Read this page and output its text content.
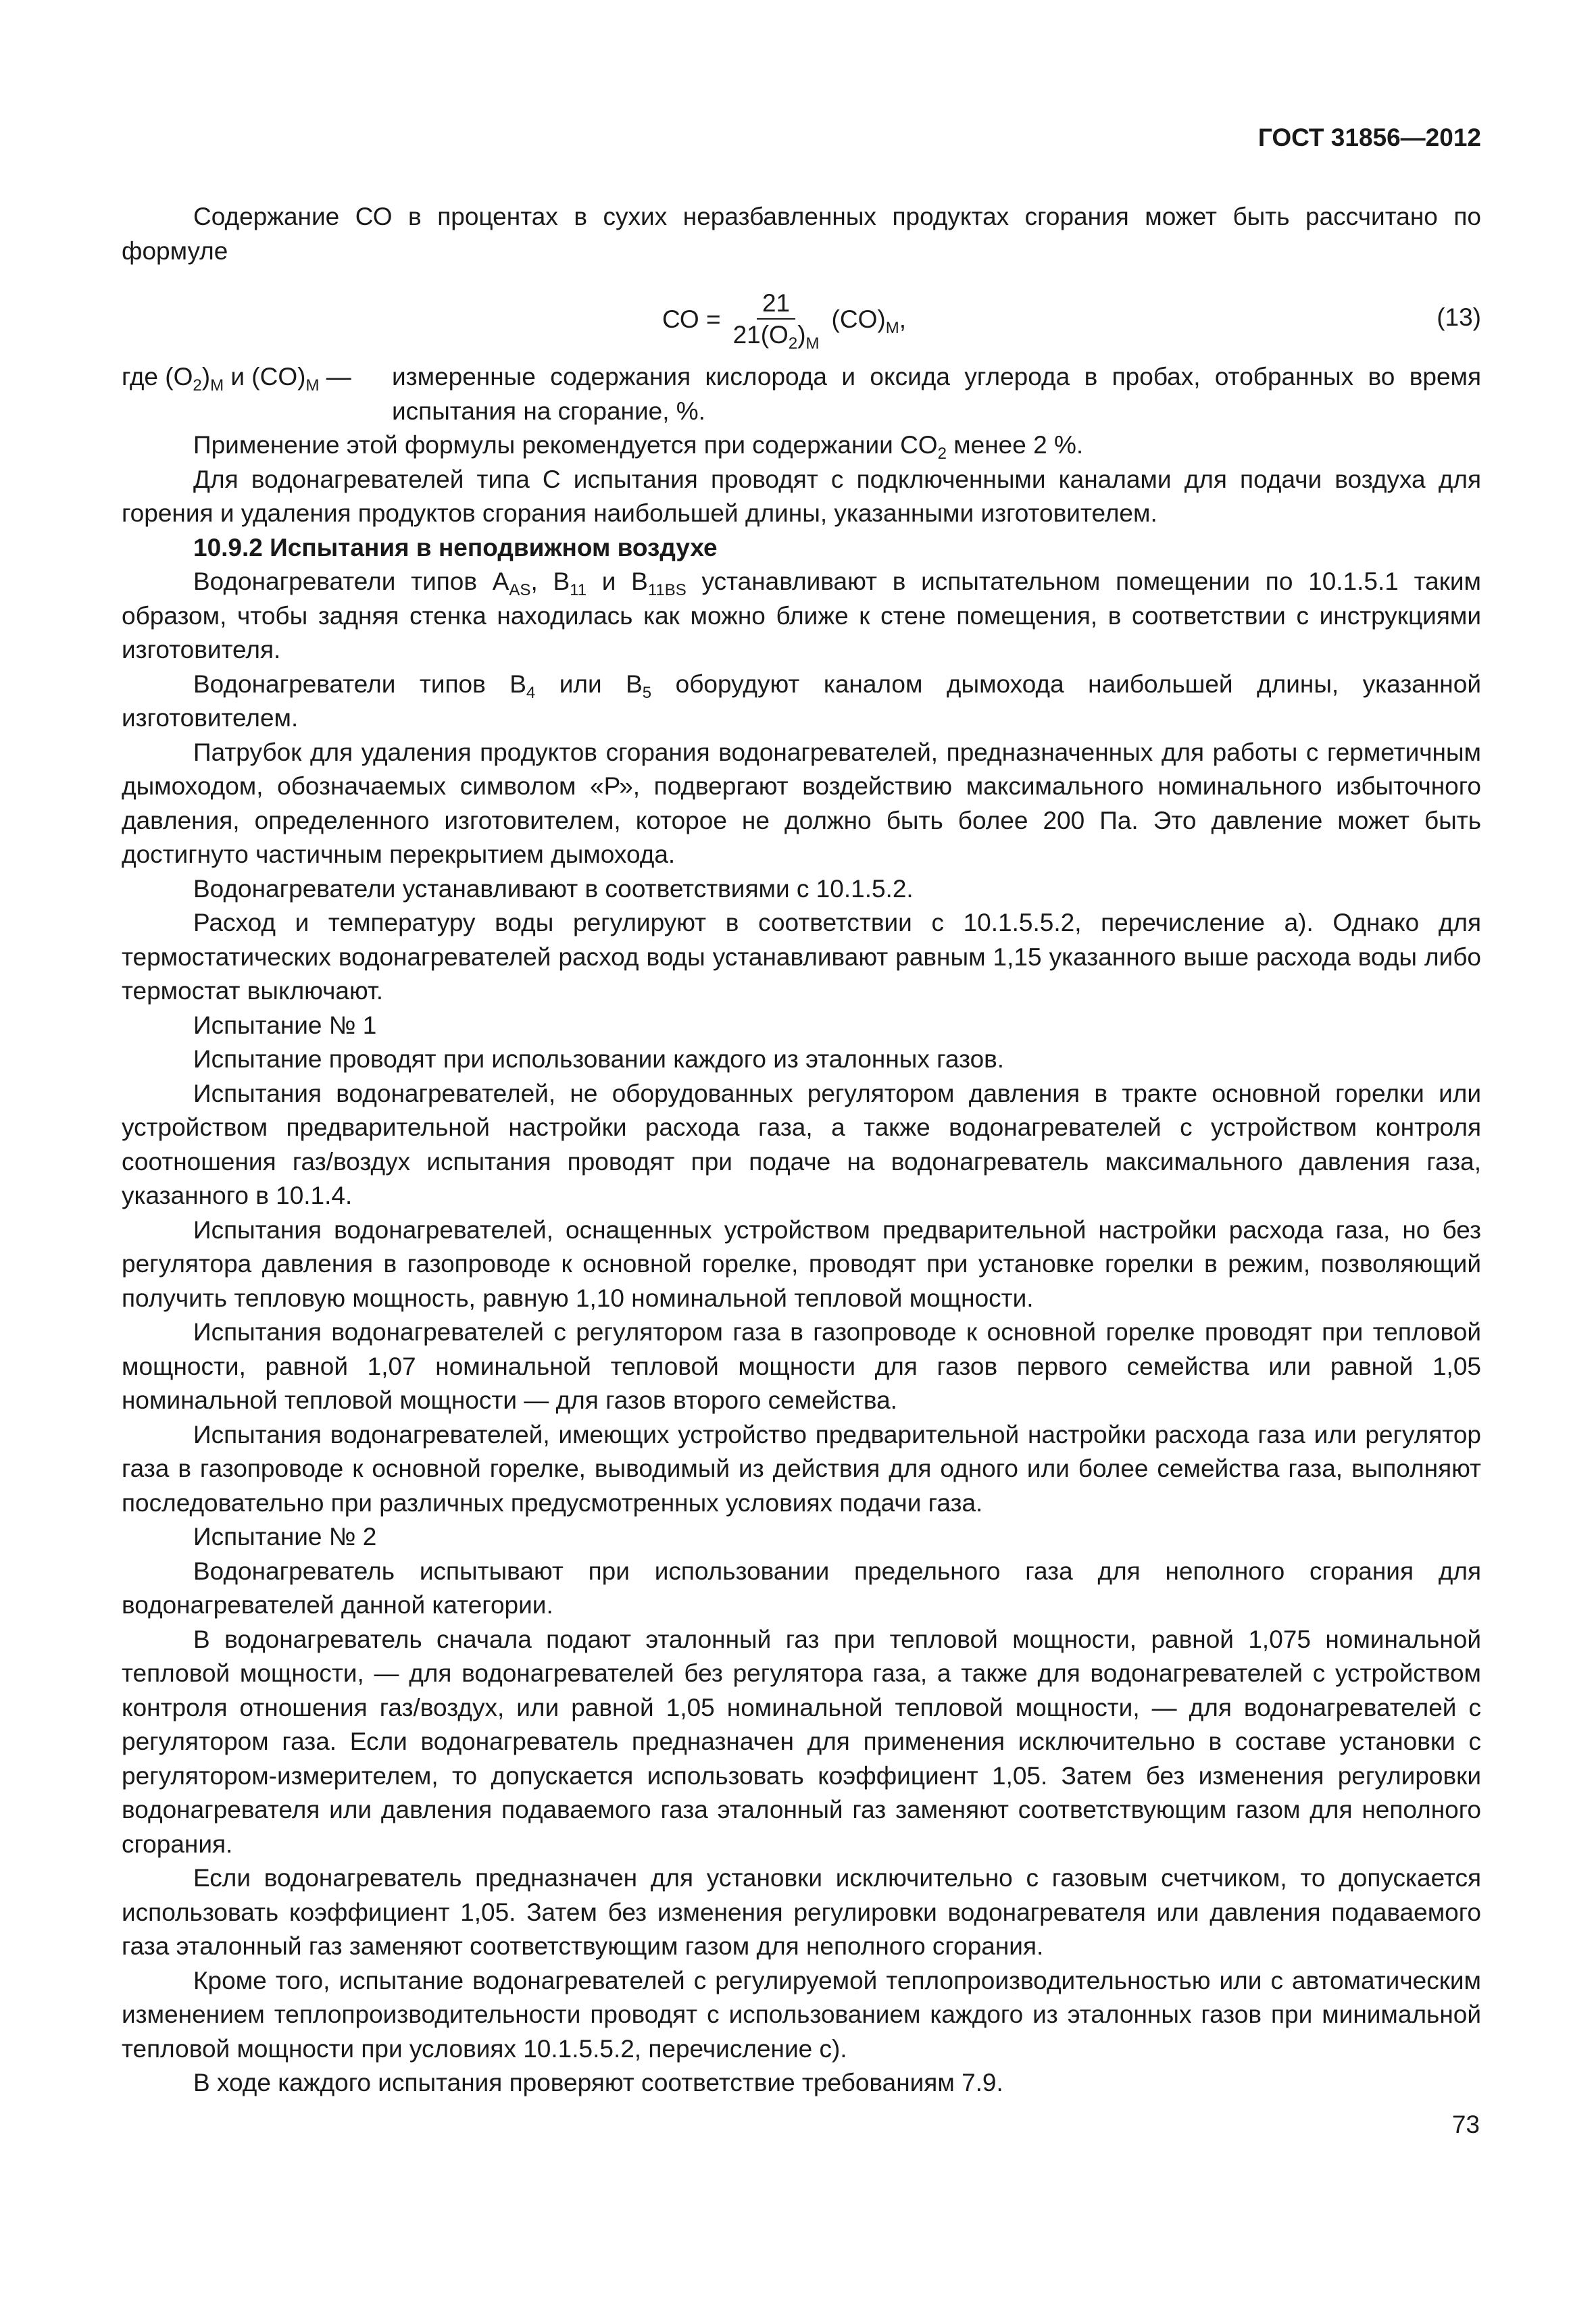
ГОСТ 31856—2012

Содержание СО в процентах в сухих неразбавленных продуктах сгорания может быть рассчитано по формуле

СО = $\frac{21}{21(O_2)_M} (CO)_M$,	(13)
где $(O_2)_M$ и $(CO)_M$ —	измеренные содержания кислорода и оксида углерода в пробах, отобранных во время испытания на сгорание, %.

Применение этой формулы рекомендуется при содержании $CO_2$ менее 2 %.

Для водонагревателей типа С испытания проводят с подключенными каналами для подачи воздуха для горения и удаления продуктов сгорания наибольшей длины, указанными изготовителем.

10.9.2 Испытания в неподвижном воздухе

Водонагреватели типов $A_{AS}$, $B_{11}$ и $B_{11BS}$ устанавливают в испытательном помещении по 10.1.5.1 таким образом, чтобы задняя стенка находилась как можно ближе к стене помещения, в соответствии с инструкциями изготовителя.

Водонагреватели типов $B_4$ или $B_5$ оборудуют каналом дымохода наибольшей длины, указанной изготовителем.

Патрубок для удаления продуктов сгорания водонагревателей, предназначенных для работы с герметичным дымоходом, обозначаемых символом «Р», подвергают воздействию максимального номинального избыточного давления, определенного изготовителем, которое не должно быть более 200 Па. Это давление может быть достигнуто частичным перекрытием дымохода.

Водонагреватели устанавливают в соответствиями с 10.1.5.2.

Расход и температуру воды регулируют в соответствии с 10.1.5.5.2, перечисление а). Однако для термостатических водонагревателей расход воды устанавливают равным 1,15 указанного выше расхода воды либо термостат выключают.

Испытание № 1

Испытание проводят при использовании каждого из эталонных газов.

Испытания водонагревателей, не оборудованных регулятором давления в тракте основной горелки или устройством предварительной настройки расхода газа, а также водонагревателей с устройством контроля соотношения газ/воздух испытания проводят при подаче на водонагреватель максимального давления газа, указанного в 10.1.4.

Испытания водонагревателей, оснащенных устройством предварительной настройки расхода газа, но без регулятора давления в газопроводе к основной горелке, проводят при установке горелки в режим, позволяющий получить тепловую мощность, равную 1,10 номинальной тепловой мощности.

Испытания водонагревателей с регулятором газа в газопроводе к основной горелке проводят при тепловой мощности, равной 1,07 номинальной тепловой мощности для газов первого семейства или равной 1,05 номинальной тепловой мощности — для газов второго семейства.

Испытания водонагревателей, имеющих устройство предварительной настройки расхода газа или регулятор газа в газопроводе к основной горелке, выводимый из действия для одного или более семейства газа, выполняют последовательно при различных предусмотренных условиях подачи газа.

Испытание № 2

Водонагреватель испытывают при использовании предельного газа для неполного сгорания для водонагревателей данной категории.

В водонагреватель сначала подают эталонный газ при тепловой мощности, равной 1,075 номинальной тепловой мощности, — для водонагревателей без регулятора газа, а также для водонагревателей с устройством контроля отношения газ/воздух, или равной 1,05 номинальной тепловой мощности, — для водонагревателей с регулятором газа. Если водонагреватель предназначен для применения исключительно в составе установки с регулятором-измерителем, то допускается использовать коэффициент 1,05. Затем без изменения регулировки водонагревателя или давления подаваемого газа эталонный газ заменяют соответствующим газом для неполного сгорания.

Если водонагреватель предназначен для установки исключительно с газовым счетчиком, то допускается использовать коэффициент 1,05. Затем без изменения регулировки водонагревателя или давления подаваемого газа эталонный газ заменяют соответствующим газом для неполного сгорания.

Кроме того, испытание водонагревателей с регулируемой теплопроизводительностью или с автоматическим изменением теплопроизводительности проводят с использованием каждого из эталонных газов при минимальной тепловой мощности при условиях 10.1.5.5.2, перечисление с).

В ходе каждого испытания проверяют соответствие требованиям 7.9.

73
